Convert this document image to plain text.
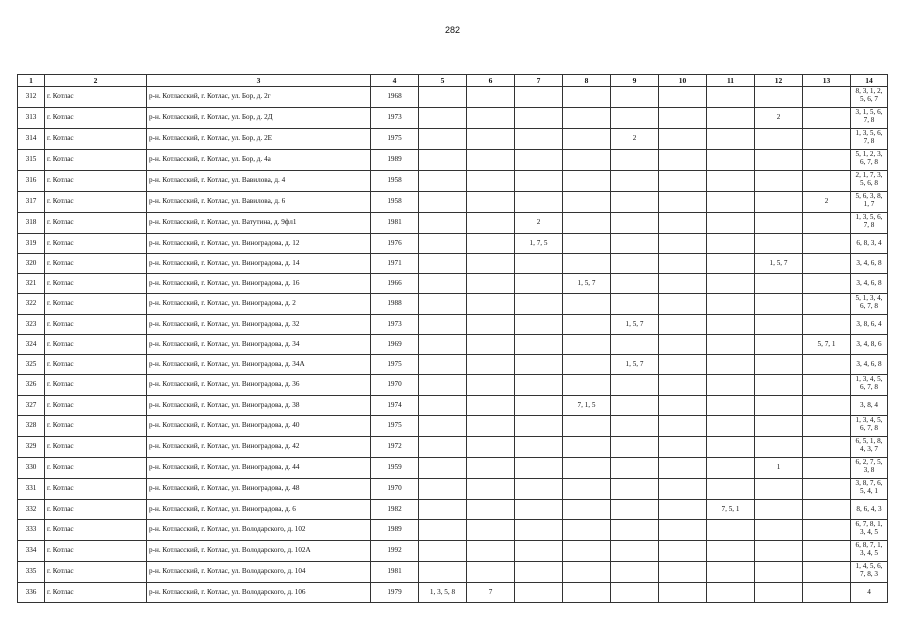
282
1	2	3	4	5	6	7	8	9	10	11	12	13	14
312	г. Котлас	р-н. Котласский, г. Котлас, ул. Бор, д. 2г	1968										8, 3, 1, 2, 5, 6, 7
313	г. Котлас	р-н. Котласский, г. Котлас, ул. Бор, д. 2Д	1973								2		3, 1, 5, 6, 7, 8
314	г. Котлас	р-н. Котласский, г. Котлас, ул. Бор, д. 2Е	1975					2					1, 3, 5, 6, 7, 8
315	г. Котлас	р-н. Котласский, г. Котлас, ул. Бор, д. 4а	1989										5, 1, 2, 3, 6, 7, 8
316	г. Котлас	р-н. Котласский, г. Котлас, ул. Вавилова, д. 4	1958										2, 1, 7, 3, 5, 6, 8
317	г. Котлас	р-н. Котласский, г. Котлас, ул. Вавилова, д. 6	1958									2	5, 6, 3, 8, 1, 7
318	г. Котлас	р-н. Котласский, г. Котлас, ул. Ватутина, д. 9фл1	1981			2							1, 3, 5, 6, 7, 8
319	г. Котлас	р-н. Котласский, г. Котлас, ул. Виноградова, д. 12	1976			1, 7, 5							6, 8, 3, 4
320	г. Котлас	р-н. Котласский, г. Котлас, ул. Виноградова, д. 14	1971								1, 5, 7		3, 4, 6, 8
321	г. Котлас	р-н. Котласский, г. Котлас, ул. Виноградова, д. 16	1966				1, 5, 7						3, 4, 6, 8
322	г. Котлас	р-н. Котласский, г. Котлас, ул. Виноградова, д. 2	1988										5, 1, 3, 4, 6, 7, 8
323	г. Котлас	р-н. Котласский, г. Котлас, ул. Виноградова, д. 32	1973					1, 5, 7					3, 8, 6, 4
324	г. Котлас	р-н. Котласский, г. Котлас, ул. Виноградова, д. 34	1969									5, 7, 1	3, 4, 8, 6
325	г. Котлас	р-н. Котласский, г. Котлас, ул. Виноградова, д. 34А	1975					1, 5, 7					3, 4, 6, 8
326	г. Котлас	р-н. Котласский, г. Котлас, ул. Виноградова, д. 36	1970										1, 3, 4, 5, 6, 7, 8
327	г. Котлас	р-н. Котласский, г. Котлас, ул. Виноградова, д. 38	1974				7, 1, 5						3, 8, 4
328	г. Котлас	р-н. Котласский, г. Котлас, ул. Виноградова, д. 40	1975										1, 3, 4, 5, 6, 7, 8
329	г. Котлас	р-н. Котласский, г. Котлас, ул. Виноградова, д. 42	1972										6, 5, 1, 8, 4, 3, 7
330	г. Котлас	р-н. Котласский, г. Котлас, ул. Виноградова, д. 44	1959								1		6, 2, 7, 5, 3, 8
331	г. Котлас	р-н. Котласский, г. Котлас, ул. Виноградова, д. 48	1970										3, 8, 7, 6, 5, 4, 1
332	г. Котлас	р-н. Котласский, г. Котлас, ул. Виноградова, д. 6	1982							7, 5, 1			8, 6, 4, 3
333	г. Котлас	р-н. Котласский, г. Котлас, ул. Володарского, д. 102	1989										6, 7, 8, 1, 3, 4, 5
334	г. Котлас	р-н. Котласский, г. Котлас, ул. Володарского, д. 102А	1992										6, 8, 7, 1, 3, 4, 5
335	г. Котлас	р-н. Котласский, г. Котлас, ул. Володарского, д. 104	1981										1, 4, 5, 6, 7, 8, 3
336	г. Котлас	р-н. Котласский, г. Котлас, ул. Володарского, д. 106	1979	1, 3, 5, 8	7								4
